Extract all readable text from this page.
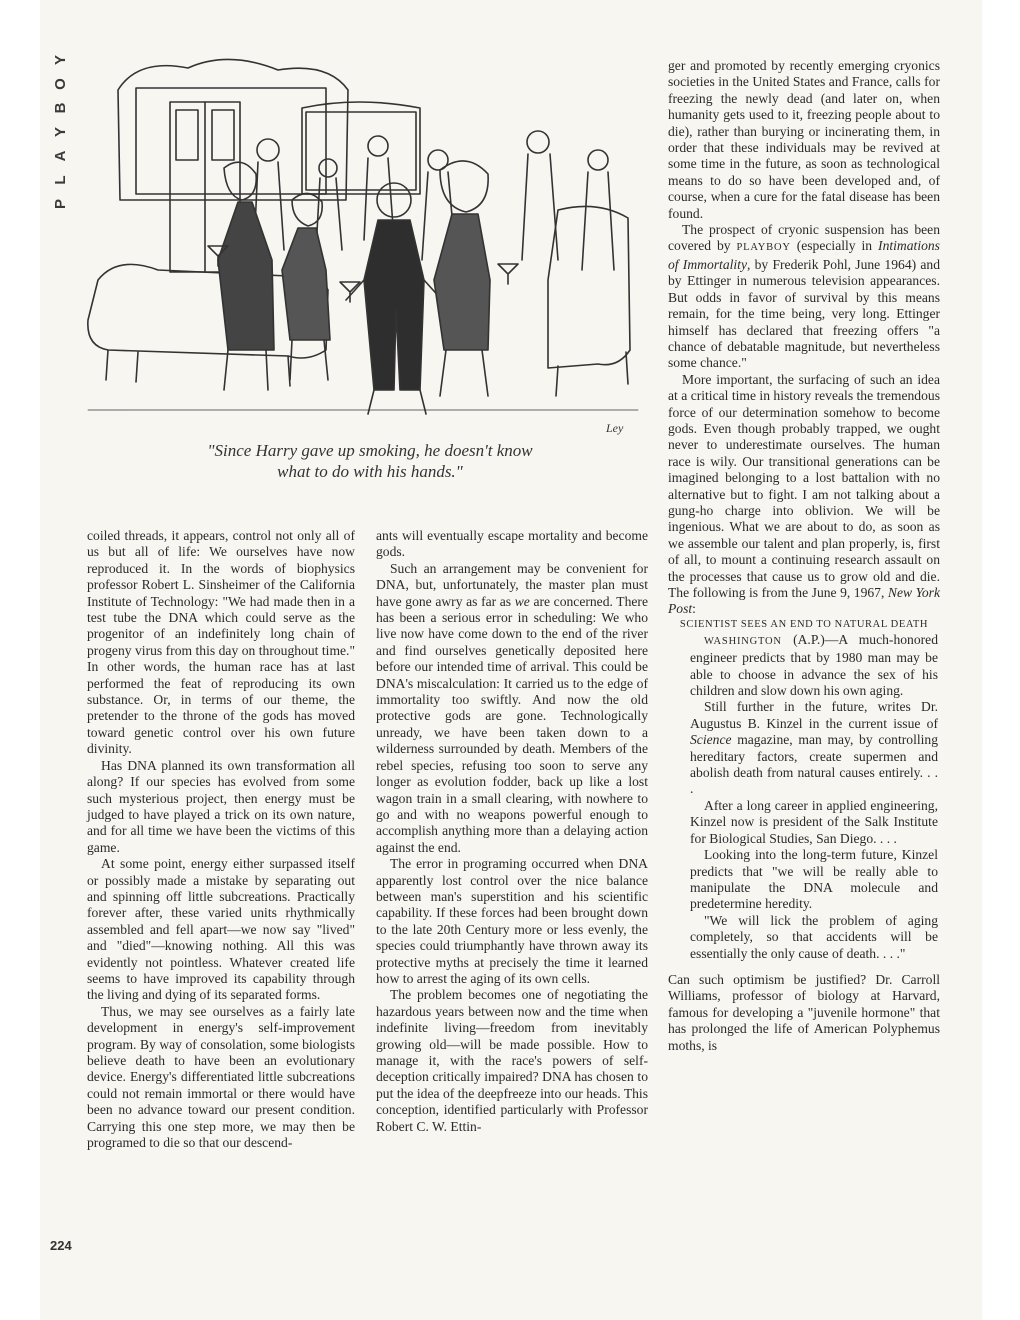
Y
O
B
Y
A
L
P
Ley
"Since Harry gave up smoking, he doesn't know
what to do with his hands."

coiled threads, it appears, control not only all of us but all of life: We ourselves have now reproduced it. In the words of biophysics professor Robert L. Sinsheimer of the California Institute of Technology: "We had made then in a test tube the DNA which could serve as the progenitor of an indefinitely long chain of progeny virus from this day on throughout time." In other words, the human race has at last performed the feat of reproducing its own substance. Or, in terms of our theme, the pretender to the throne of the gods has moved toward genetic control over his own future divinity.

Has DNA planned its own transformation all along? If our species has evolved from some such mysterious project, then energy must be judged to have played a trick on its own nature, and for all time we have been the victims of this game.

At some point, energy either surpassed itself or possibly made a mistake by separating out and spinning off little subcreations. Practically forever after, these varied units rhythmically assembled and fell apart—we now say "lived" and "died"—knowing nothing. All this was evidently not pointless. Whatever created life seems to have improved its capability through the living and dying of its separated forms.

Thus, we may see ourselves as a fairly late development in energy's self-improvement program. By way of consolation, some biologists believe death to have been an evolutionary device. Energy's differentiated little subcreations could not remain immortal or there would have been no advance toward our present condition. Carrying this one step more, we may then be programed to die so that our descend-

ants will eventually escape mortality and become gods.

Such an arrangement may be convenient for DNA, but, unfortunately, the master plan must have gone awry as far as we are concerned. There has been a serious error in scheduling: We who live now have come down to the end of the river and find ourselves genetically deposited here before our intended time of arrival. This could be DNA's miscalculation: It carried us to the edge of immortality too swiftly. And now the old protective gods are gone. Technologically unready, we have been taken down to a wilderness surrounded by death. Members of the rebel species, refusing too soon to serve any longer as evolution fodder, back up like a lost wagon train in a small clearing, with nowhere to go and with no weapons powerful enough to accomplish anything more than a delaying action against the end.

The error in programing occurred when DNA apparently lost control over the nice balance between man's superstition and his scientific capability. If these forces had been brought down to the late 20th Century more or less evenly, the species could triumphantly have thrown away its protective myths at precisely the time it learned how to arrest the aging of its own cells.

The problem becomes one of negotiating the hazardous years between now and the time when indefinite living—freedom from inevitably growing old—will be made possible. How to manage it, with the race's powers of self-deception critically impaired? DNA has chosen to put the idea of the deepfreeze into our heads. This conception, identified particularly with Professor Robert C. W. Ettin-

ger and promoted by recently emerging cryonics societies in the United States and France, calls for freezing the newly dead (and later on, when humanity gets used to it, freezing people about to die), rather than burying or incinerating them, in order that these individuals may be revived at some time in the future, as soon as technological means to do so have been developed and, of course, when a cure for the fatal disease has been found.

The prospect of cryonic suspension has been covered by PLAYBOY (especially in Intimations of Immortality, by Frederik Pohl, June 1964) and by Ettinger in numerous television appearances. But odds in favor of survival by this means remain, for the time being, very long. Ettinger himself has declared that freezing offers "a chance of debatable magnitude, but nevertheless some chance."

More important, the surfacing of such an idea at a critical time in history reveals the tremendous force of our determination somehow to become gods. Even though probably trapped, we ought never to underestimate ourselves. The human race is wily. Our transitional generations can be imagined belonging to a lost battalion with no alternative but to fight. I am not talking about a gung-ho charge into oblivion. We will be ingenious. What we are about to do, as soon as we assemble our talent and plan properly, is, first of all, to mount a continuing research assault on the processes that cause us to grow old and die. The following is from the June 9, 1967, New York Post:

SCIENTIST SEES AN END TO NATURAL DEATH

WASHINGTON (A.P.)—A much-honored engineer predicts that by 1980 man may be able to choose in advance the sex of his children and slow down his own aging.

Still further in the future, writes Dr. Augustus B. Kinzel in the current issue of Science magazine, man may, by controlling hereditary factors, create supermen and abolish death from natural causes entirely. . . .

After a long career in applied engineering, Kinzel now is president of the Salk Institute for Biological Studies, San Diego. . . .

Looking into the long-term future, Kinzel predicts that "we will be really able to manipulate the DNA molecule and predetermine heredity.

"We will lick the problem of aging completely, so that accidents will be essentially the only cause of death. . . ."

Can such optimism be justified? Dr. Carroll Williams, professor of biology at Harvard, famous for developing a "juvenile hormone" that has prolonged the life of American Polyphemus moths, is

224
